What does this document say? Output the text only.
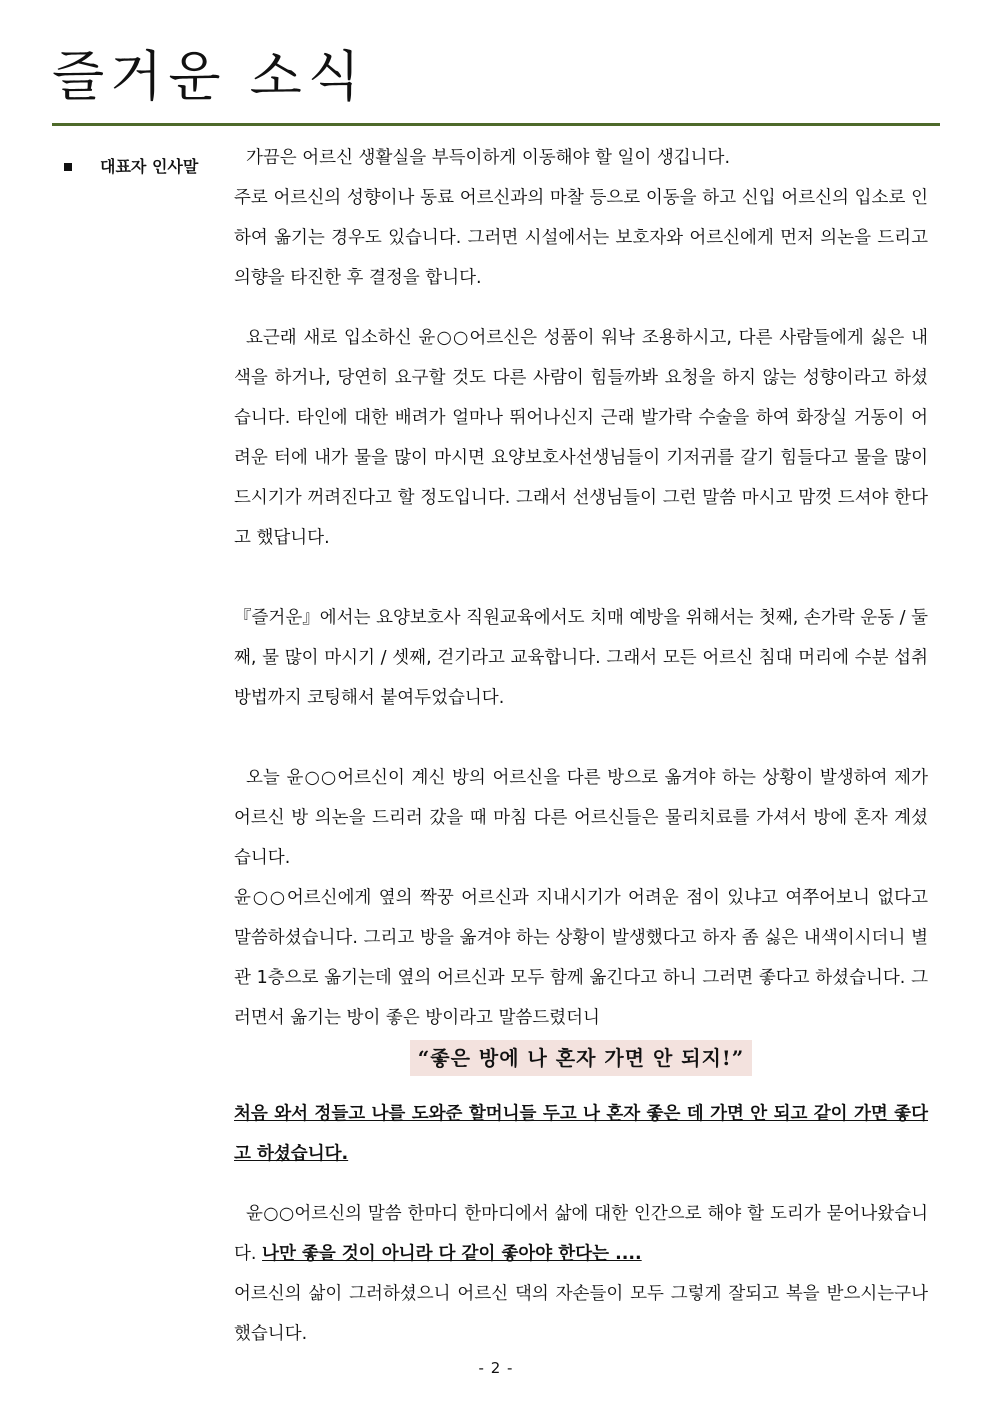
즐거운 소식
대표자 인사말	가끔은 어르신 생활실을 부득이하게 이동해야 할 일이 생깁니다.

주로 어르신의 성향이나 동료 어르신과의 마찰 등으로 이동을 하고 신입 어르신의 입소로 인하여 옮기는 경우도 있습니다. 그러면 시설에서는 보호자와 어르신에게 먼저 의논을 드리고 의향을 타진한 후 결정을 합니다.

요근래 새로 입소하신 윤○○어르신은 성품이 워낙 조용하시고, 다른 사람들에게 싫은 내색을 하거나, 당연히 요구할 것도 다른 사람이 힘들까봐 요청을 하지 않는 성향이라고 하셨습니다. 타인에 대한 배려가 얼마나 뛰어나신지 근래 발가락 수술을 하여 화장실 거동이 어려운 터에 내가 물을 많이 마시면 요양보호사선생님들이 기저귀를 갈기 힘들다고 물을 많이 드시기가 꺼려진다고 할 정도입니다. 그래서 선생님들이 그런 말씀 마시고 맘껏 드셔야 한다고 했답니다.

『즐거운』에서는 요양보호사 직원교육에서도 치매 예방을 위해서는 첫째, 손가락 운동 / 둘째, 물 많이 마시기 / 셋째, 걷기라고 교육합니다. 그래서 모든 어르신 침대 머리에 수분 섭취 방법까지 코팅해서 붙여두었습니다.

오늘 윤○○어르신이 계신 방의 어르신을 다른 방으로 옮겨야 하는 상황이 발생하여 제가 어르신 방 의논을 드리러 갔을 때 마침 다른 어르신들은 물리치료를 가셔서 방에 혼자 계셨습니다.

윤○○어르신에게 옆의 짝꿍 어르신과 지내시기가 어려운 점이 있냐고 여쭈어보니 없다고 말씀하셨습니다. 그리고 방을 옮겨야 하는 상황이 발생했다고 하자 좀 싫은 내색이시더니 별관 1층으로 옮기는데 옆의 어르신과 모두 함께 옮긴다고 하니 그러면 좋다고 하셨습니다. 그러면서 옮기는 방이 좋은 방이라고 말씀드렸더니

“좋은 방에 나 혼자 가면 안 되지!”

처음 와서 정들고 나를 도와준 할머니들 두고 나 혼자 좋은 데 가면 안 되고 같이 가면 좋다고 하셨습니다.

윤○○어르신의 말씀 한마디 한마디에서 삶에 대한 인간으로 해야 할 도리가 묻어나왔습니다. 나만 좋을 것이 아니라 다 같이 좋아야 한다는 ....

어르신의 삶이 그러하셨으니 어르신 댁의 자손들이 모두 그렇게 잘되고 복을 받으시는구나 했습니다.

- 2 -
